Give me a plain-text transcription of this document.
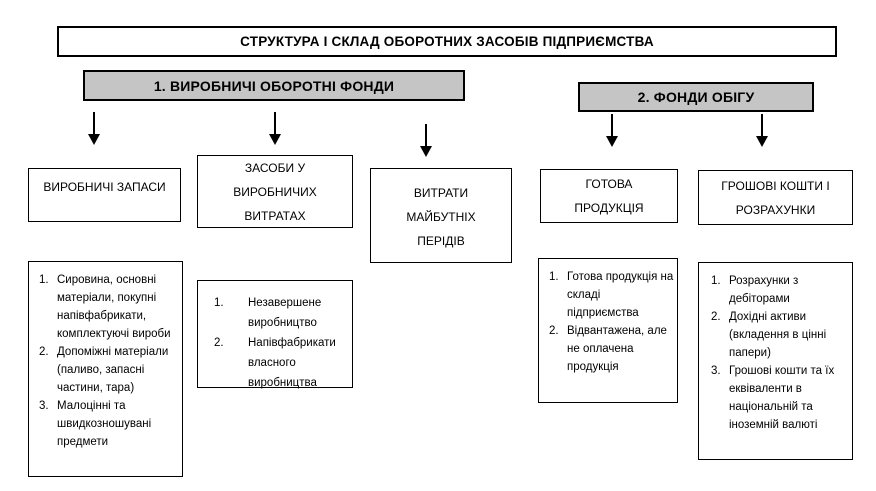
СТРУКТУРА І СКЛАД ОБОРОТНИХ ЗАСОБІВ ПІДПРИЄМСТВА
1. ВИРОБНИЧІ ОБОРОТНІ ФОНДИ
2. ФОНДИ ОБІГУ
ВИРОБНИЧІ ЗАПАСИ
ЗАСОБИ У ВИРОБНИЧИХ ВИТРАТАХ
ВИТРАТИ МАЙБУТНІХ ПЕРІДІВ
ГОТОВА ПРОДУКЦІЯ
ГРОШОВІ КОШТИ І РОЗРАХУНКИ
1. Сировина, основні матеріали, покупні напівфабрикати, комплектуючі вироби
2. Допоміжні матеріали (паливо, запасні частини, тара)
3. Малоцінні та швидкозношувані предмети
1.	Незавершене виробництво
2.	Напівфабрикати власного виробництва
1. Готова продукція на складі підприємства
2. Відвантажена, але не оплачена продукція
1. Розрахунки з дебіторами
2. Дохідні активи (вкладення в цінні папери)
3. Грошові кошти та їх еквіваленти в національній та іноземній валюті
